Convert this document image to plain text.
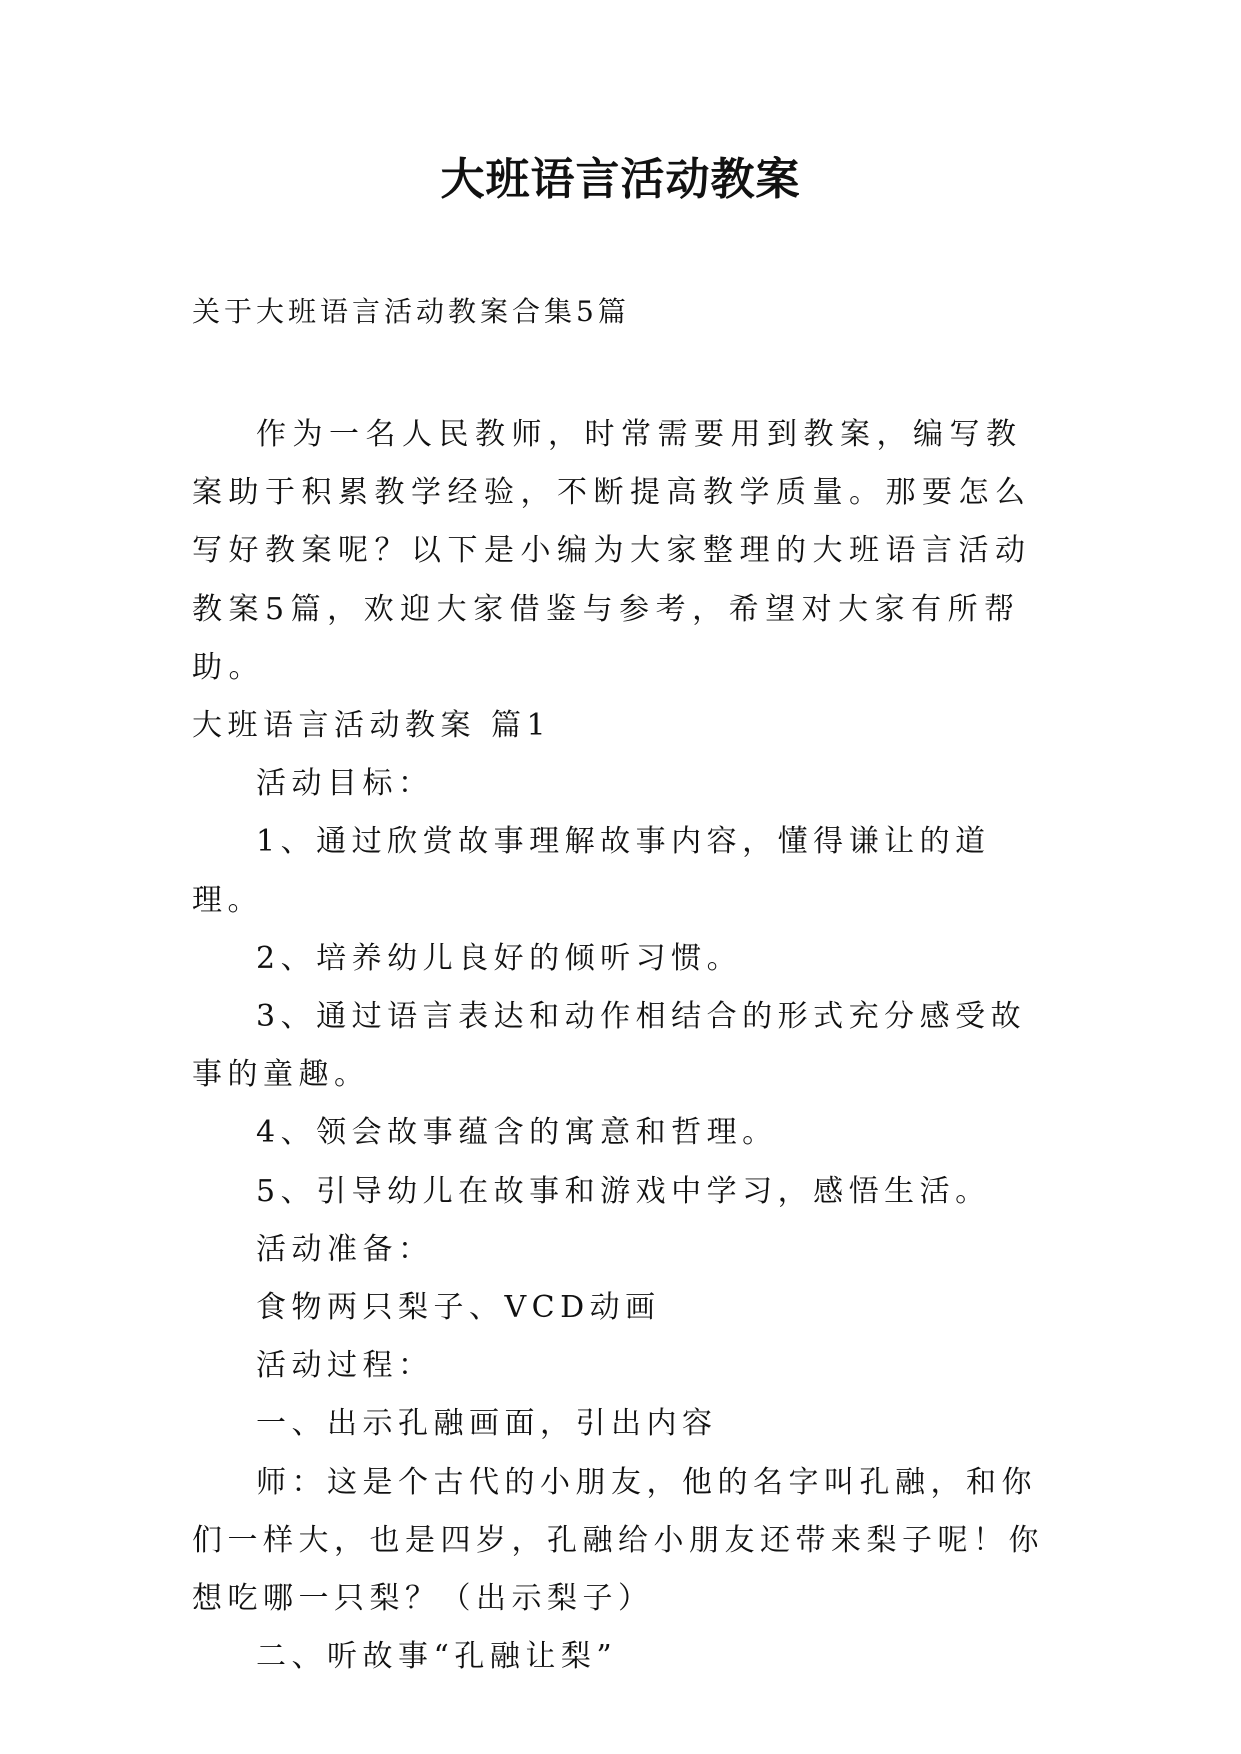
大班语言活动教案
关于大班语言活动教案合集5篇

作为一名人民教师，时常需要用到教案，编写教案助于积累教学经验，不断提高教学质量。那要怎么写好教案呢？以下是小编为大家整理的大班语言活动教案5篇，欢迎大家借鉴与参考，希望对大家有所帮助。

大班语言活动教案 篇1

活动目标：

1、通过欣赏故事理解故事内容，懂得谦让的道理。

2、培养幼儿良好的倾听习惯。

3、通过语言表达和动作相结合的形式充分感受故事的童趣。

4、领会故事蕴含的寓意和哲理。

5、引导幼儿在故事和游戏中学习，感悟生活。

活动准备：

食物两只梨子、VCD动画

活动过程：

一、出示孔融画面，引出内容

师：这是个古代的小朋友，他的名字叫孔融，和你们一样大，也是四岁，孔融给小朋友还带来梨子呢！你想吃哪一只梨？（出示梨子）

二、听故事“孔融让梨”
